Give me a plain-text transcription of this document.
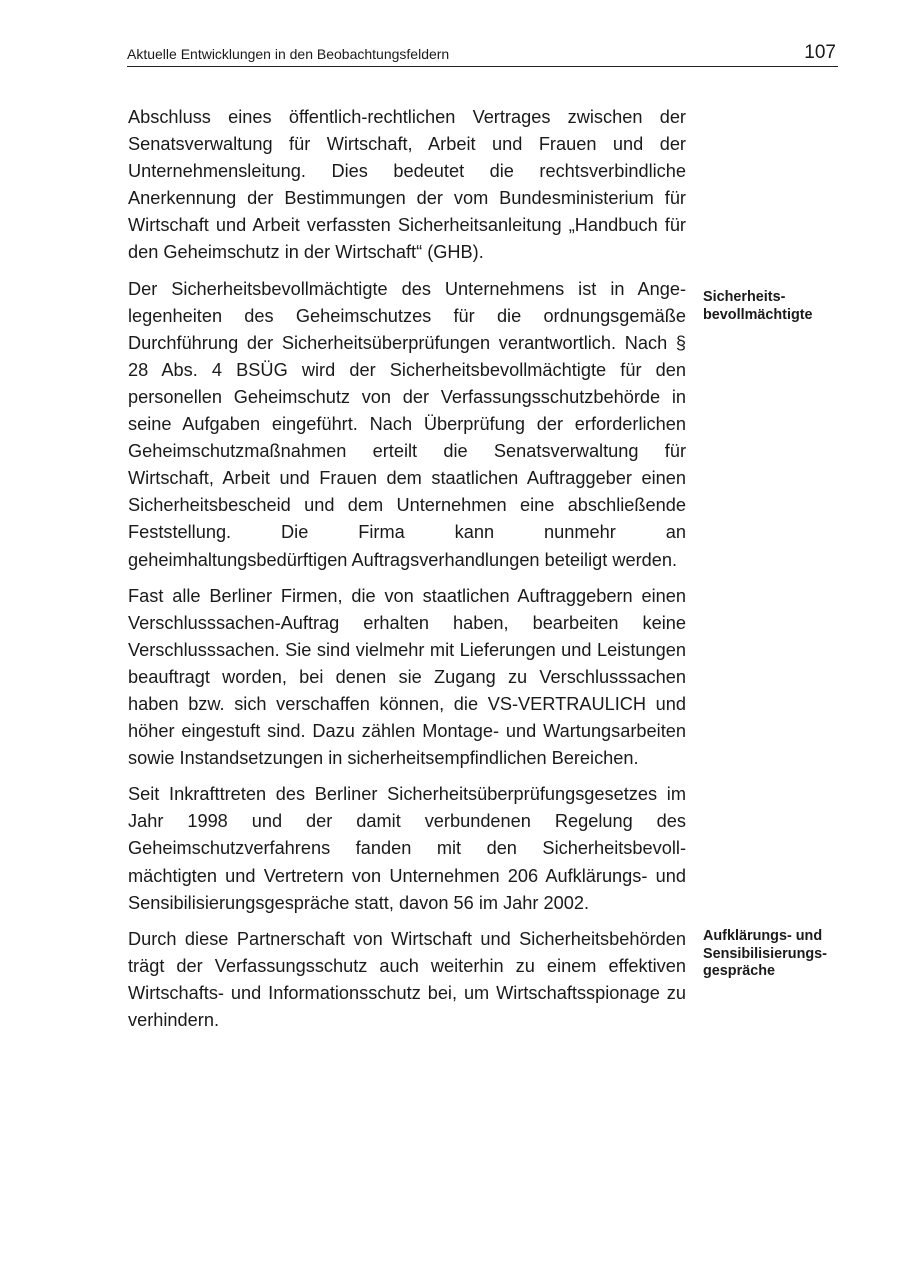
Aktuelle Entwicklungen in den Beobachtungsfeldern	107

Abschluss eines öffentlich-rechtlichen Vertrages zwischen der Senatsverwaltung für Wirtschaft, Arbeit und Frauen und der Unternehmensleitung. Dies bedeutet die rechtsverbindliche Anerkennung der Bestimmungen der vom Bundesministerium für Wirtschaft und Arbeit verfassten Sicherheitsanleitung „Handbuch für den Geheimschutz in der Wirtschaft“ (GHB).

Der Sicherheitsbevollmächtigte des Unternehmens ist in Angelegenheiten des Geheimschutzes für die ordnungsgemäße Durchführung der Sicherheitsüberprüfungen verantwortlich. Nach § 28 Abs. 4 BSÜG wird der Sicherheitsbevollmächtigte für den personellen Geheimschutz von der Verfassungsschutzbehörde in seine Aufgaben eingeführt. Nach Überprüfung der erforderlichen Geheimschutzmaßnahmen erteilt die Senatsverwaltung für Wirtschaft, Arbeit und Frauen dem staatlichen Auftraggeber einen Sicherheitsbescheid und dem Unternehmen eine abschließende Feststellung. Die Firma kann nunmehr an geheimhaltungsbedürftigen Auftragsverhandlungen beteiligt werden.

Fast alle Berliner Firmen, die von staatlichen Auftraggebern einen Verschlusssachen-Auftrag erhalten haben, bearbeiten keine Verschlusssachen. Sie sind vielmehr mit Lieferungen und Leistungen beauftragt worden, bei denen sie Zugang zu Verschlusssachen haben bzw. sich verschaffen können, die VS-VERTRAULICH und höher eingestuft sind. Dazu zählen Montage- und Wartungsarbeiten sowie Instandsetzungen in sicherheitsempfindlichen Bereichen.

Seit Inkrafttreten des Berliner Sicherheitsüberprüfungsgesetzes im Jahr 1998 und der damit verbundenen Regelung des Geheimschutzverfahrens fanden mit den Sicherheitsbevollmächtigten und Vertretern von Unternehmen 206 Aufklärungs- und Sensibilisierungsgespräche statt, davon 56 im Jahr 2002.

Durch diese Partnerschaft von Wirtschaft und Sicherheitsbehörden trägt der Verfassungsschutz auch weiterhin zu einem effektiven Wirtschafts- und Informationsschutz bei, um Wirtschaftsspionage zu verhindern.

Sicherheits-
bevollmächtigte
Aufklärungs- und
Sensibilisierungs-
gespräche
